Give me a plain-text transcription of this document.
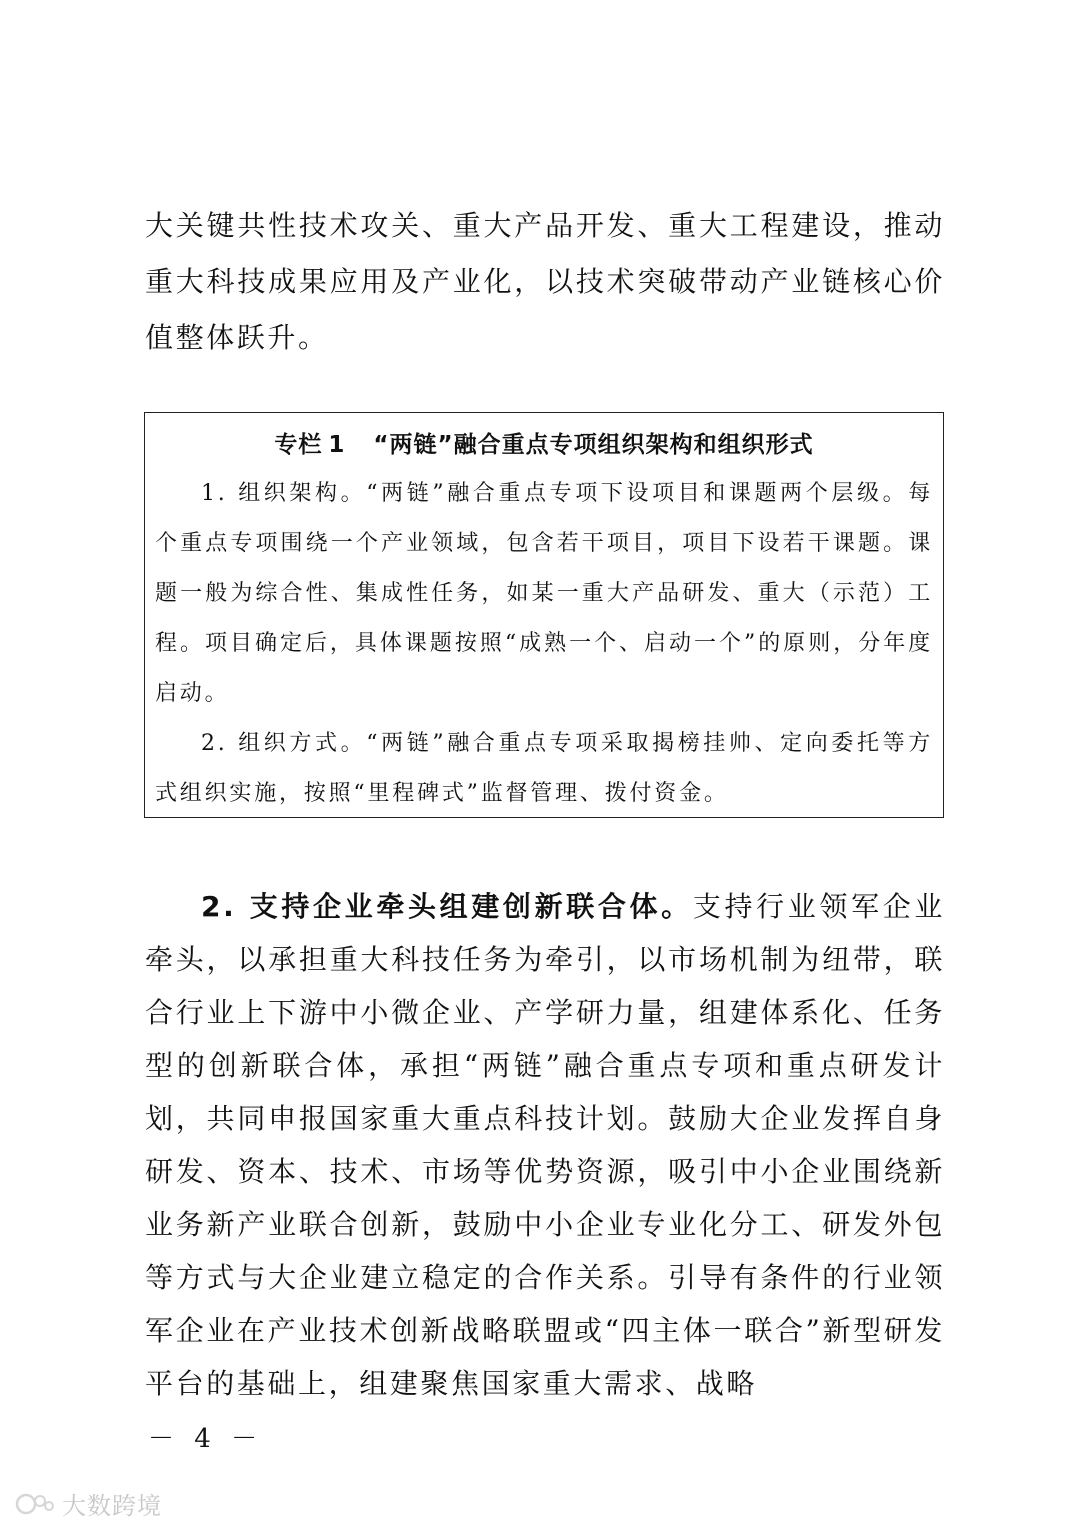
大关键共性技术攻关、重大产品开发、重大工程建设，推动重大科技成果应用及产业化，以技术突破带动产业链核心价值整体跃升。

专栏 1 “两链”融合重点专项组织架构和组织形式

1. 组织架构。“两链”融合重点专项下设项目和课题两个层级。每个重点专项围绕一个产业领域，包含若干项目，项目下设若干课题。课题一般为综合性、集成性任务，如某一重大产品研发、重大（示范）工程。项目确定后，具体课题按照“成熟一个、启动一个”的原则，分年度启动。

2. 组织方式。“两链”融合重点专项采取揭榜挂帅、定向委托等方式组织实施，按照“里程碑式”监督管理、拨付资金。

2. 支持企业牵头组建创新联合体。支持行业领军企业牵头，以承担重大科技任务为牵引，以市场机制为纽带，联合行业上下游中小微企业、产学研力量，组建体系化、任务型的创新联合体，承担“两链”融合重点专项和重点研发计划，共同申报国家重大重点科技计划。鼓励大企业发挥自身研发、资本、技术、市场等优势资源，吸引中小企业围绕新业务新产业联合创新，鼓励中小企业专业化分工、研发外包等方式与大企业建立稳定的合作关系。引导有条件的行业领军企业在产业技术创新战略联盟或“四主体一联合”新型研发平台的基础上，组建聚焦国家重大需求、战略

－ 4 －

大数跨境
